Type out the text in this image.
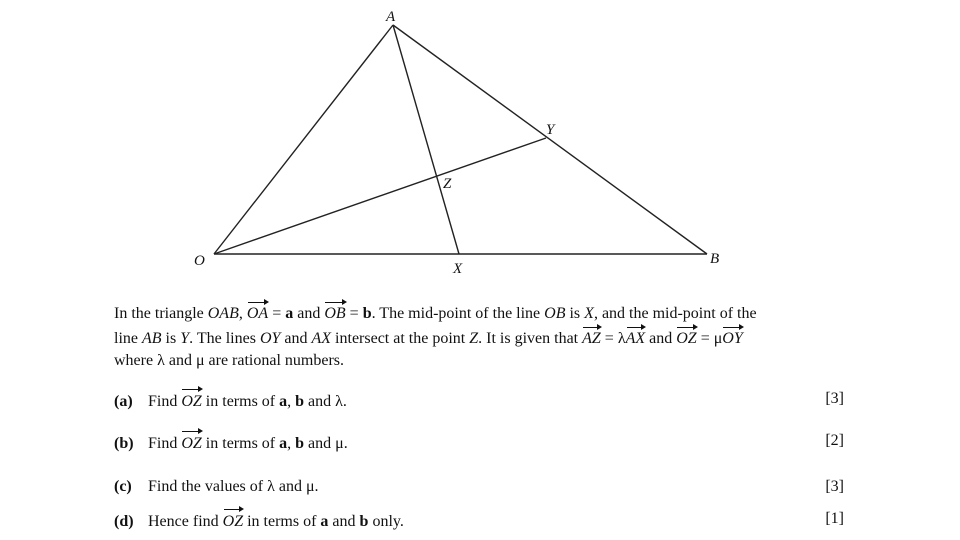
A
O	B
X
Y
Z
In the triangle OAB, OA = a and OB = b. The mid-point of the line OB is X, and the mid-point of the
line AB is Y. The lines OY and AX intersect at the point Z. It is given that AZ = λAX and OZ = μOY
where λ and μ are rational numbers.
(a) Find OZ in terms of a, b and λ.	[3]
(b) Find OZ in terms of a, b and μ.	[2]
(c) Find the values of λ and μ.	[3]
(d) Hence find OZ in terms of a and b only.	[1]
